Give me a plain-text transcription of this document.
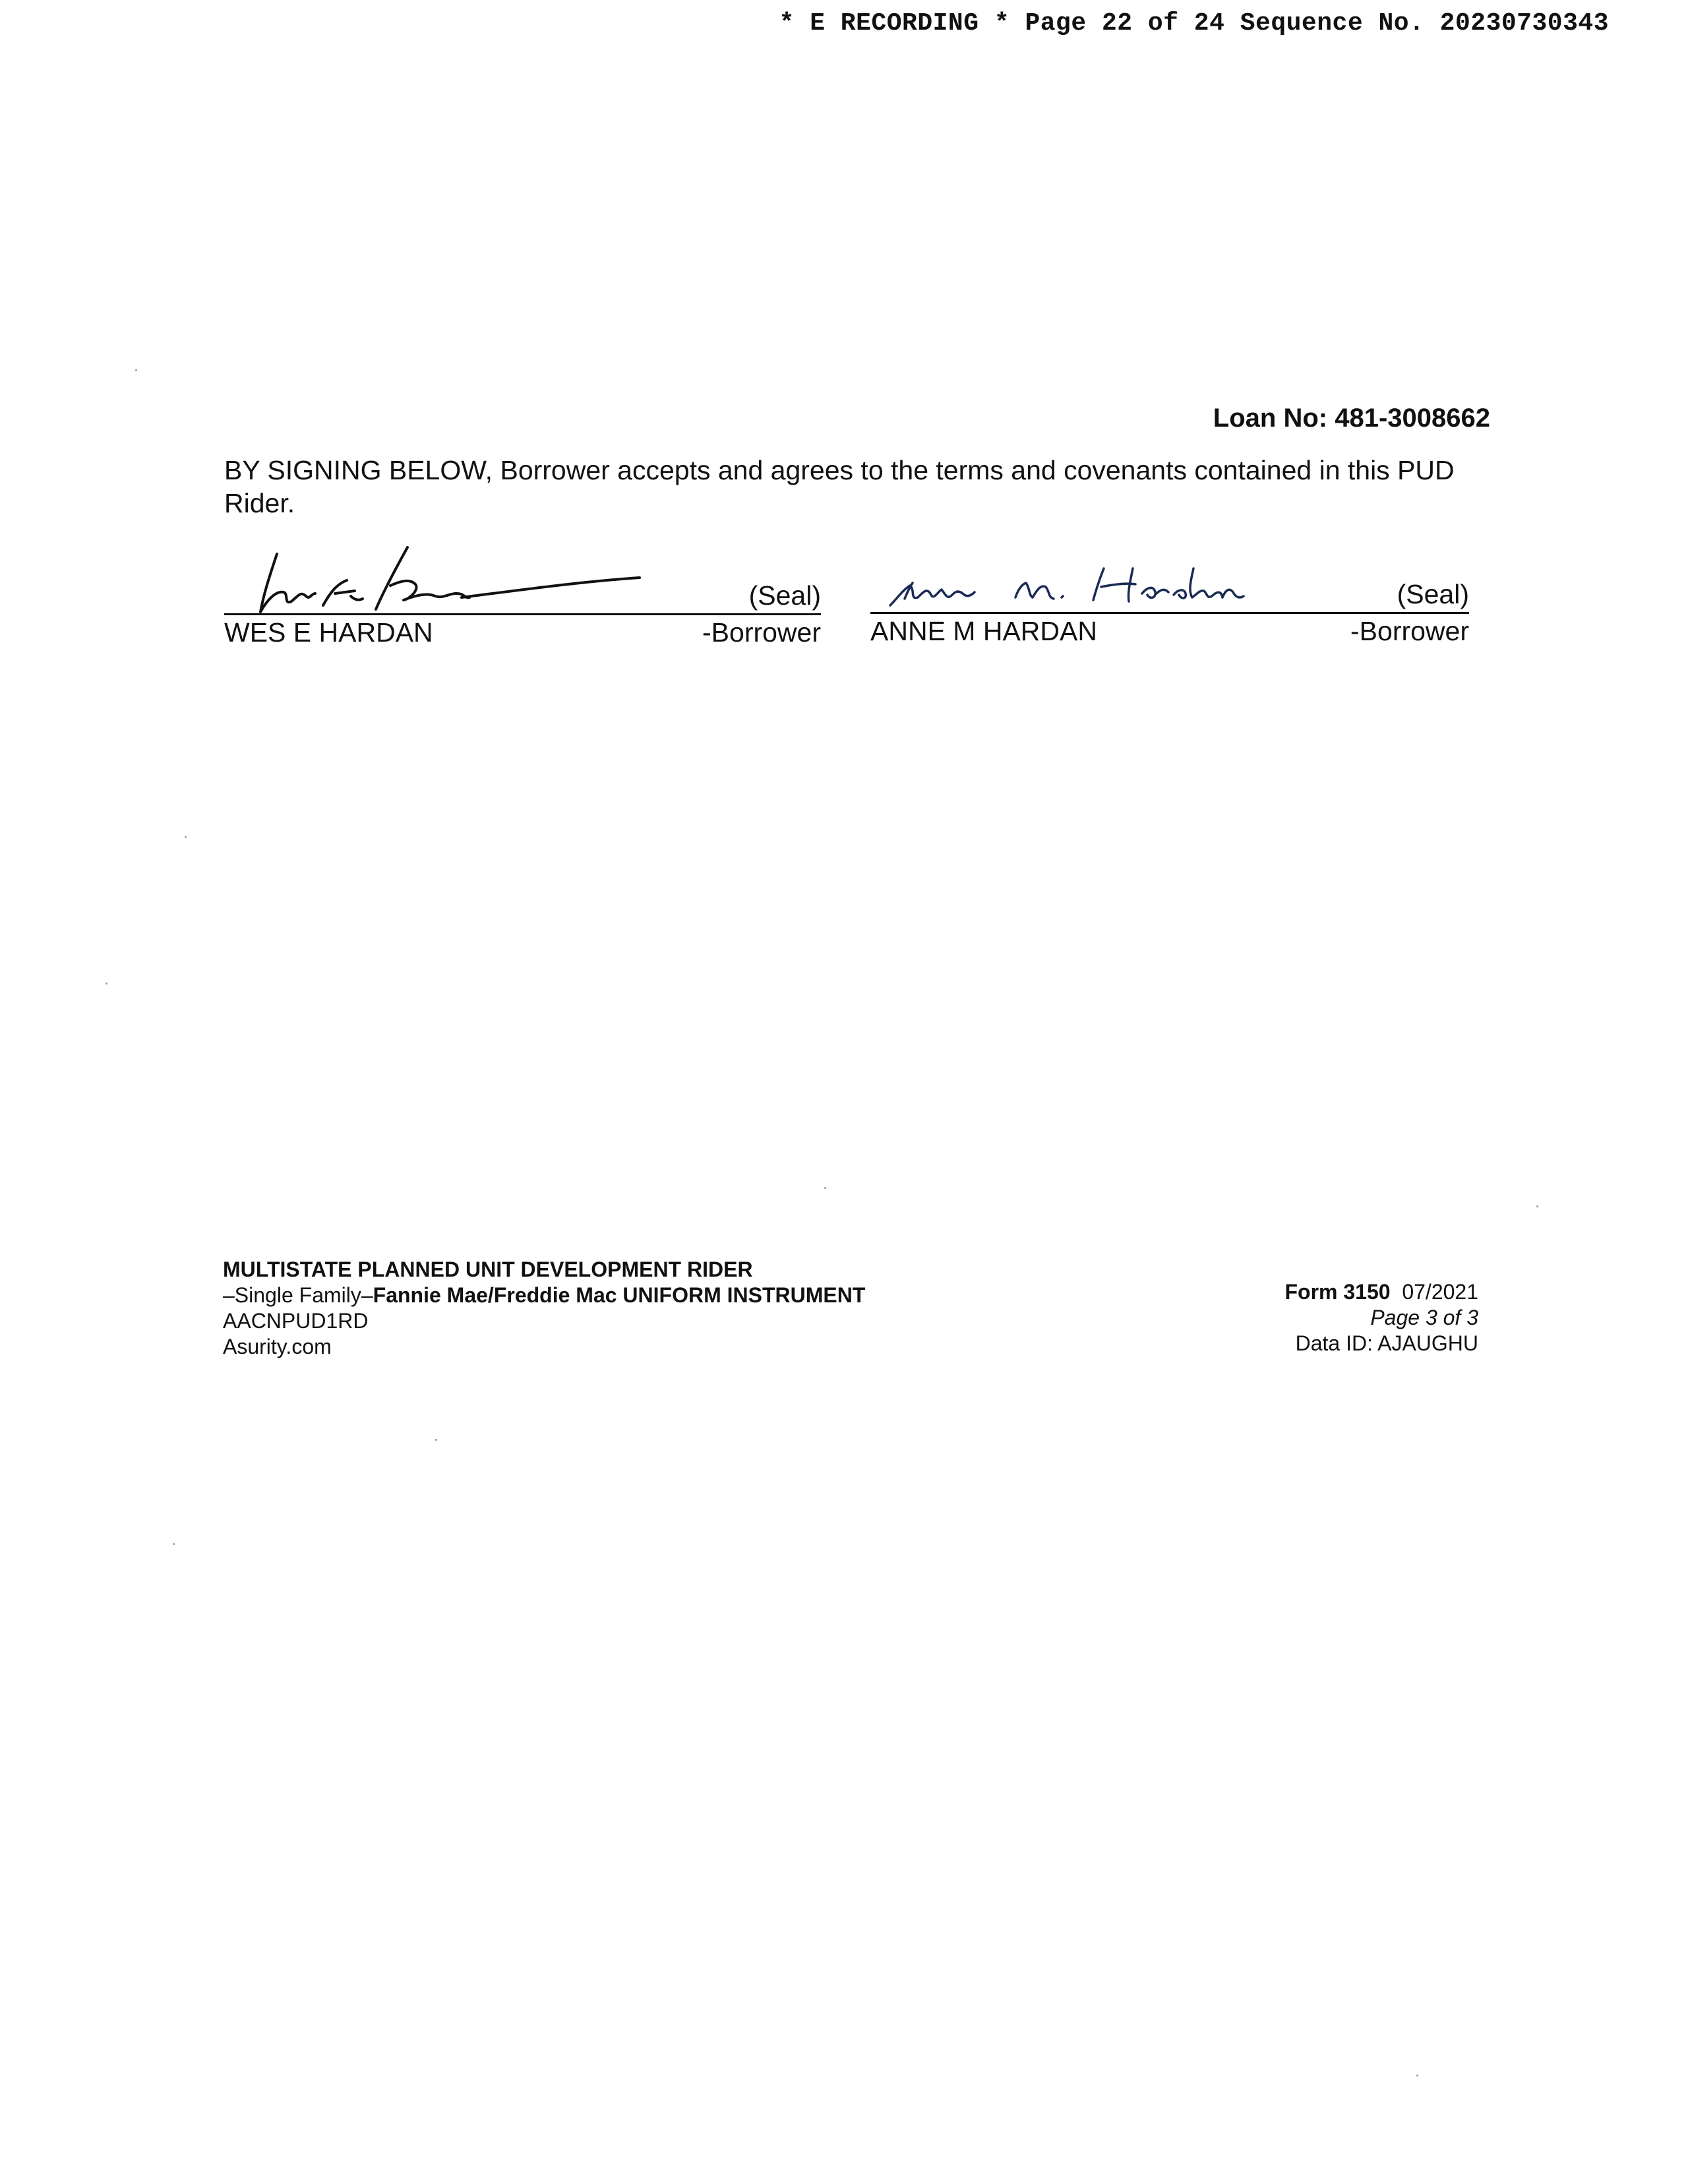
* E RECORDING * Page 22 of 24 Sequence No. 20230730343
Loan No: 481-3008662
BY SIGNING BELOW, Borrower accepts and agrees to the terms and covenants contained in this PUD Rider.
(Seal)
WES E HARDAN	-Borrower
(Seal)
ANNE M HARDAN	-Borrower
MULTISTATE PLANNED UNIT DEVELOPMENT RIDER
–Single Family–Fannie Mae/Freddie Mac UNIFORM INSTRUMENT
AACNPUD1RD
Asurity.com
Form 3150 07/2021
Page 3 of 3
Data ID: AJAUGHU
